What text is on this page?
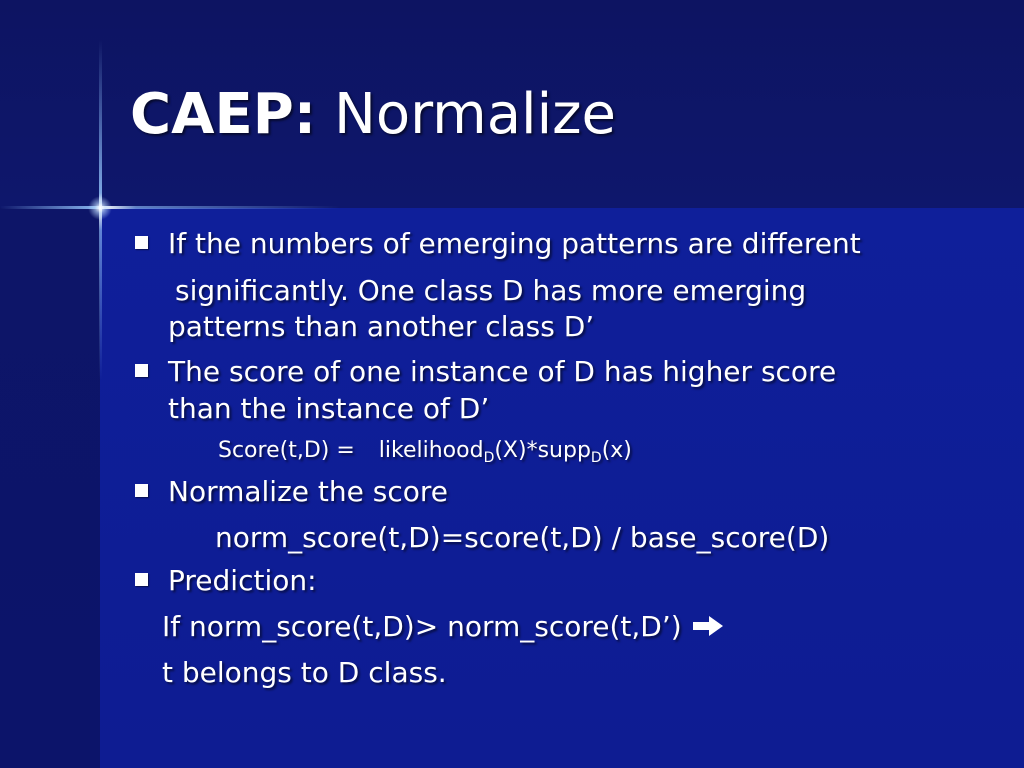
CAEP: Normalize
If the numbers of emerging patterns are different
significantly. One class D has more emerging
patterns than another class D’
The score of one instance of D has higher score
than the instance of D’
Score(t,D) = likelihood$_D$(X)*supp$_D$(x)
Normalize the score
norm_score(t,D)=score(t,D) / base_score(D)
Prediction:
If norm_score(t,D)> norm_score(t,D’)
t belongs to D class.
